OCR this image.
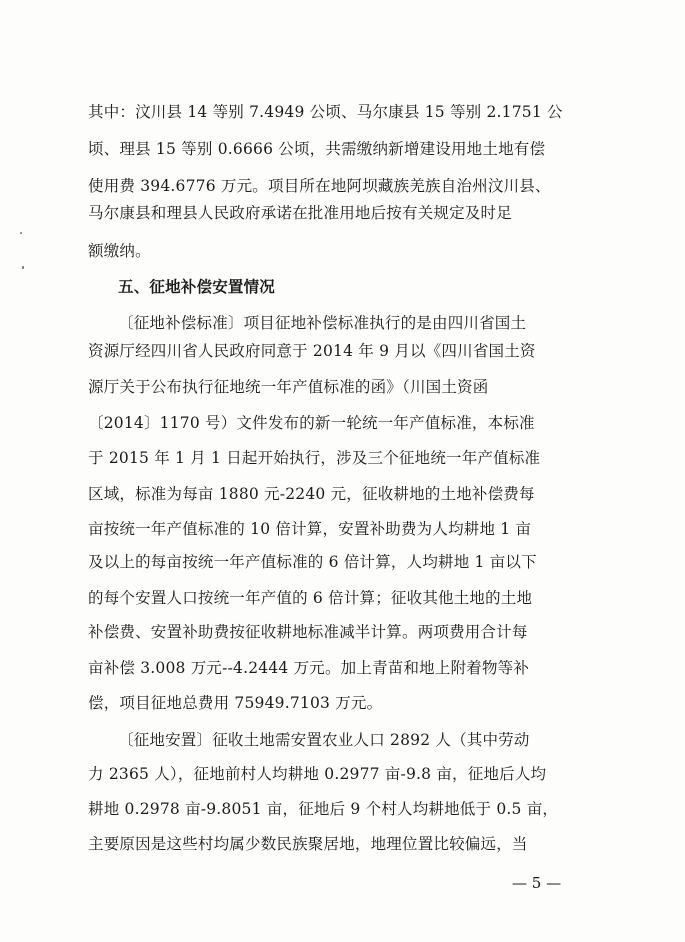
其中：汶川县 14 等别 7.4949 公顷、马尔康县 15 等别 2.1751 公
顷、理县 15 等别 0.6666 公顷，共需缴纳新增建设用地土地有偿
使用费 394.6776 万元。项目所在地阿坝藏族羌族自治州汶川县、
马尔康县和理县人民政府承诺在批准用地后按有关规定及时足
额缴纳。
五、征地补偿安置情况
〔征地补偿标准〕项目征地补偿标准执行的是由四川省国土
资源厅经四川省人民政府同意于 2014 年 9 月以《四川省国土资
源厅关于公布执行征地统一年产值标准的函》（川国土资函
〔2014〕1170 号）文件发布的新一轮统一年产值标准，本标准
于 2015 年 1 月 1 日起开始执行，涉及三个征地统一年产值标准
区域，标准为每亩 1880 元-2240 元，征收耕地的土地补偿费每
亩按统一年产值标准的 10 倍计算，安置补助费为人均耕地 1 亩
及以上的每亩按统一年产值标准的 6 倍计算，人均耕地 1 亩以下
的每个安置人口按统一年产值的 6 倍计算；征收其他土地的土地
补偿费、安置补助费按征收耕地标准减半计算。两项费用合计每
亩补偿 3.008 万元--4.2444 万元。加上青苗和地上附着物等补
偿，项目征地总费用 75949.7103 万元。
〔征地安置〕征收土地需安置农业人口 2892 人（其中劳动
力 2365 人），征地前村人均耕地 0.2977 亩-9.8 亩，征地后人均
耕地 0.2978 亩-9.8051 亩，征地后 9 个村人均耕地低于 0.5 亩，
主要原因是这些村均属少数民族聚居地，地理位置比较偏远，当
— 5 —
